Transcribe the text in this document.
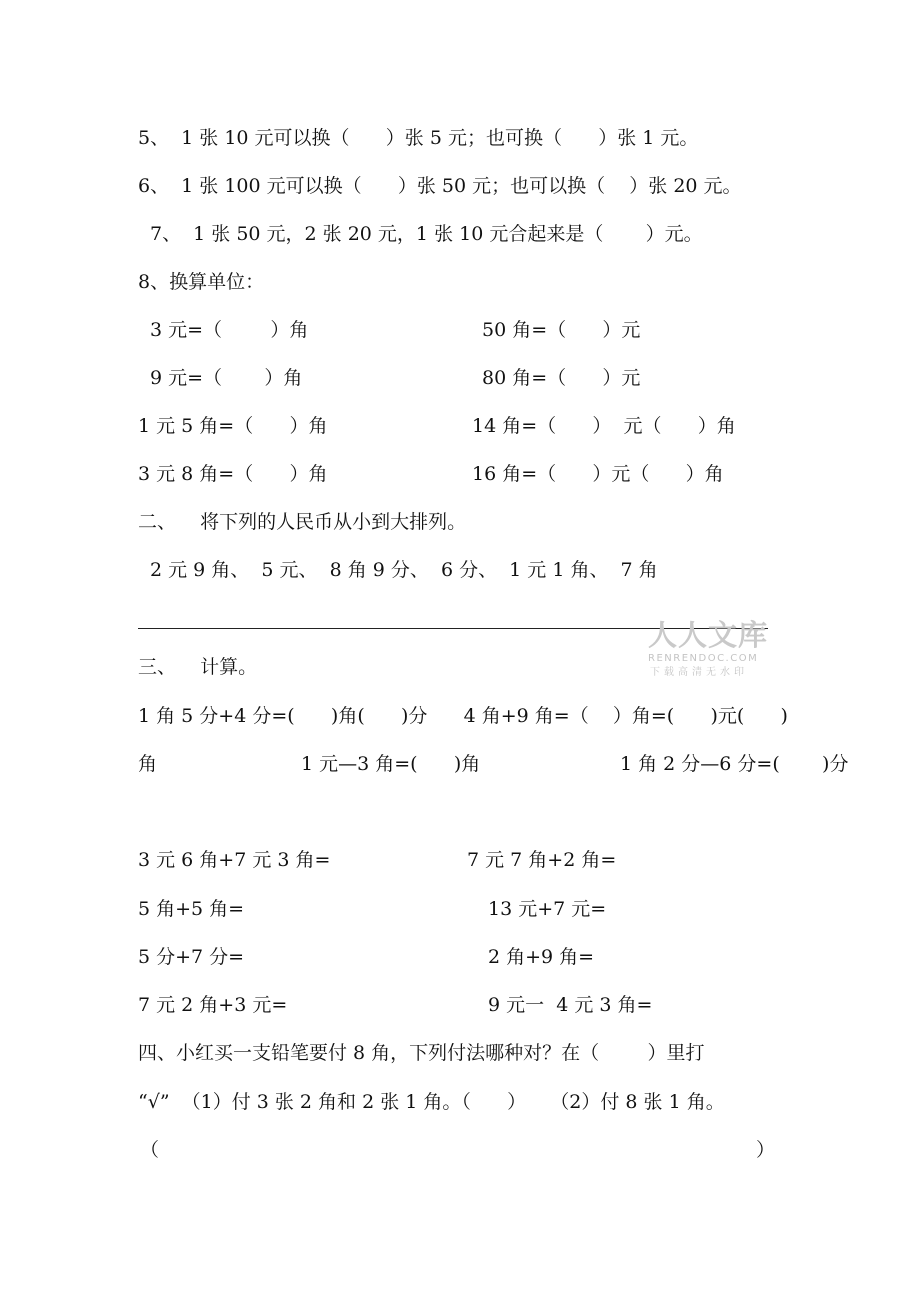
5、  1 张 10 元可以换（      ）张 5 元；也可换（      ）张 1 元。
6、  1 张 100 元可以换（      ）张 50 元；也可以换（    ）张 20 元。
7、  1 张 50 元，2 张 20 元，1 张 10 元合起来是（       ）元。
8、换算单位：
3 元=（        ）角	50 角=（      ）元
9 元=（       ）角	80 角=（      ）元
1 元 5 角=（      ）角	14 角=（      ）  元（      ）角
3 元 8 角=（      ）角	16 角=（      ）元（      ）角
二、    将下列的人民币从小到大排列。
2 元 9 角、  5 元、  8 角 9 分、  6 分、  1 元 1 角、  7 角
人人文库
RENRENDOC.COM
下载高清无水印
三、    计算。
1 角 5 分+4 分=(      )角(      )分      4 角+9 角=（    ）角=(      )元(      )
角	1 元—3 角=(      )角	1 角 2 分—6 分=(       )分
3 元 6 角+7 元 3 角=	7 元 7 角+2 角=
5 角+5 角=	13 元+7 元=
5 分+7 分=	2 角+9 角=
7 元 2 角+3 元=	9 元一  4 元 3 角=
四、小红买一支铅笔要付 8 角，下列付法哪种对？在（        ）里打
“√”  （1）付 3 张 2 角和 2 张 1 角。（      ）    （2）付 8 张 1 角。
（	）
